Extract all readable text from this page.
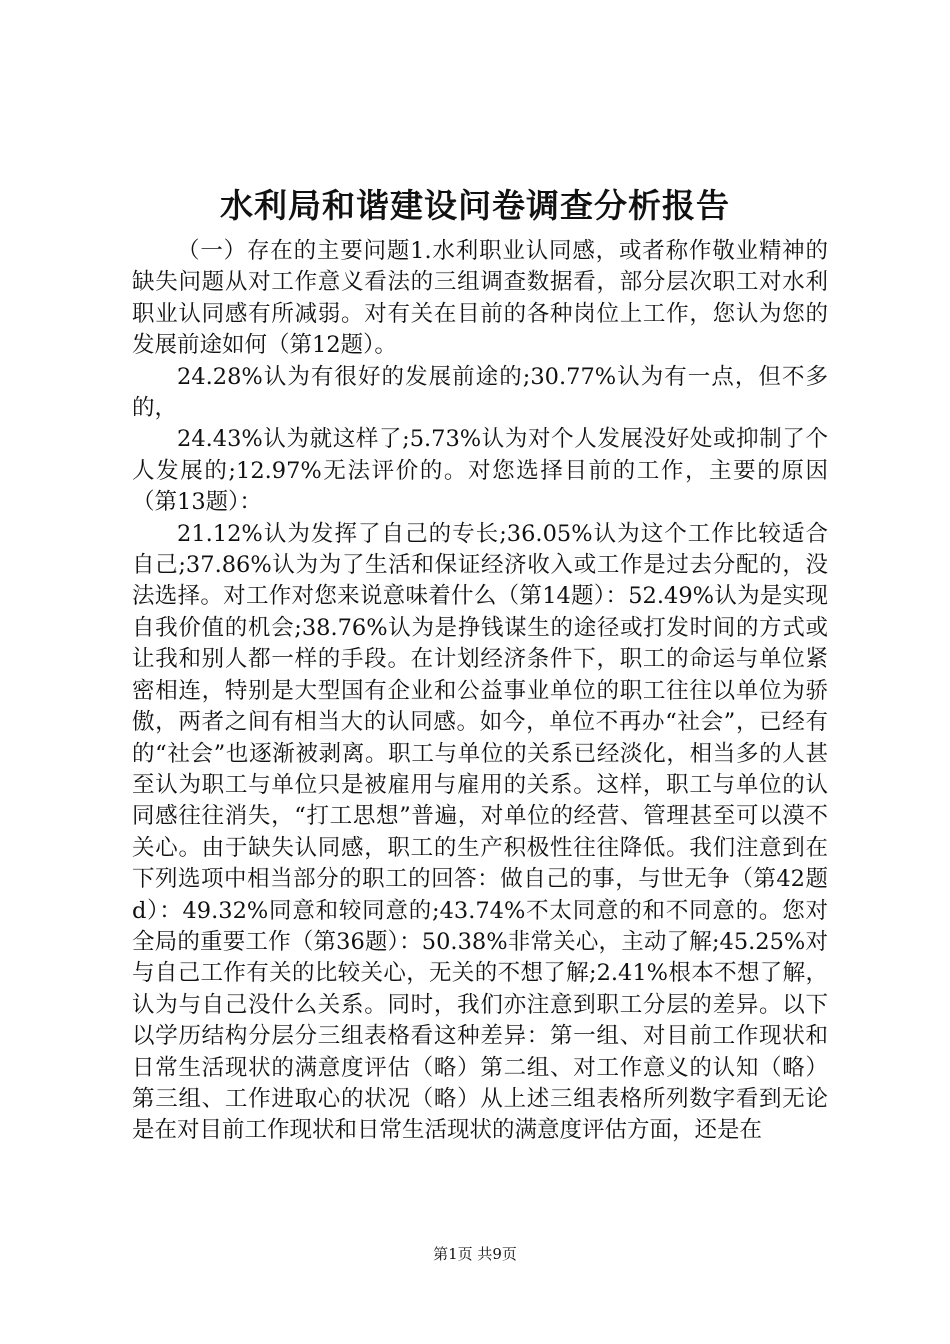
水利局和谐建设问卷调查分析报告

（一）存在的主要问题1.水利职业认同感，或者称作敬业精神的缺失问题从对工作意义看法的三组调查数据看，部分层次职工对水利职业认同感有所减弱。对有关在目前的各种岗位上工作，您认为您的发展前途如何（第12题）。

24.28%认为有很好的发展前途的;30.77%认为有一点，但不多的，

24.43%认为就这样了;5.73%认为对个人发展没好处或抑制了个人发展的;12.97%无法评价的。对您选择目前的工作，主要的原因（第13题）：

21.12%认为发挥了自己的专长;36.05%认为这个工作比较适合自己;37.86%认为为了生活和保证经济收入或工作是过去分配的，没法选择。对工作对您来说意味着什么（第14题）：52.49%认为是实现自我价值的机会;38.76%认为是挣钱谋生的途径或打发时间的方式或让我和别人都一样的手段。在计划经济条件下，职工的命运与单位紧密相连，特别是大型国有企业和公益事业单位的职工往往以单位为骄傲，两者之间有相当大的认同感。如今，单位不再办“社会”，已经有的“社会”也逐渐被剥离。职工与单位的关系已经淡化，相当多的人甚至认为职工与单位只是被雇用与雇用的关系。这样，职工与单位的认同感往往消失，“打工思想”普遍，对单位的经营、管理甚至可以漠不关心。由于缺失认同感，职工的生产积极性往往降低。我们注意到在下列选项中相当部分的职工的回答：做自己的事，与世无争（第42题d）：49.32%同意和较同意的;43.74%不太同意的和不同意的。您对全局的重要工作（第36题）：50.38%非常关心，主动了解;45.25%对与自己工作有关的比较关心，无关的不想了解;2.41%根本不想了解，认为与自己没什么关系。同时，我们亦注意到职工分层的差异。以下以学历结构分层分三组表格看这种差异：第一组、对目前工作现状和日常生活现状的满意度评估（略）第二组、对工作意义的认知（略）第三组、工作进取心的状况（略）从上述三组表格所列数字看到无论是在对目前工作现状和日常生活现状的满意度评估方面，还是在

第1页 共9页
